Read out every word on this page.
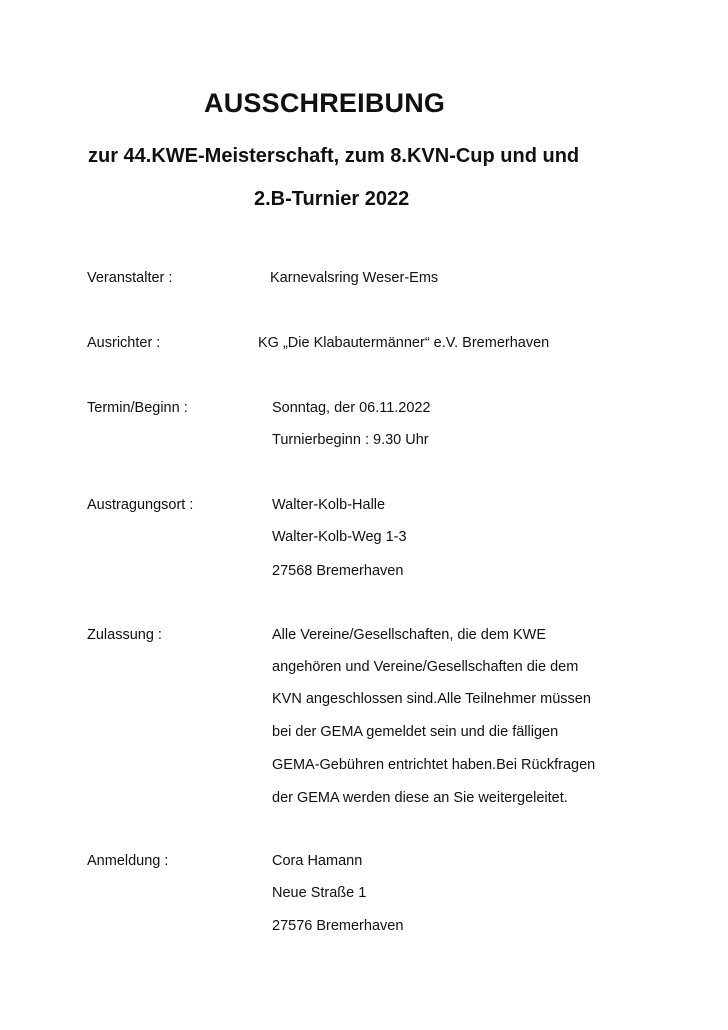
AUSSCHREIBUNG
zur 44.KWE-Meisterschaft, zum 8.KVN-Cup und und
2.B-Turnier 2022
Veranstalter :	Karnevalsring Weser-Ems
Ausrichter :	KG „Die Klabautermänner“ e.V. Bremerhaven
Termin/Beginn :	Sonntag, der 06.11.2022
Turnierbeginn : 9.30 Uhr
Austragungsort :	Walter-Kolb-Halle
Walter-Kolb-Weg 1-3
27568 Bremerhaven
Zulassung :	Alle Vereine/Gesellschaften, die dem KWE
angehören und Vereine/Gesellschaften die dem
KVN angeschlossen sind.Alle Teilnehmer müssen
bei der GEMA gemeldet sein und die fälligen
GEMA-Gebühren entrichtet haben.Bei Rückfragen
der GEMA werden diese an Sie weitergeleitet.
Anmeldung :	Cora Hamann
Neue Straße 1
27576 Bremerhaven
